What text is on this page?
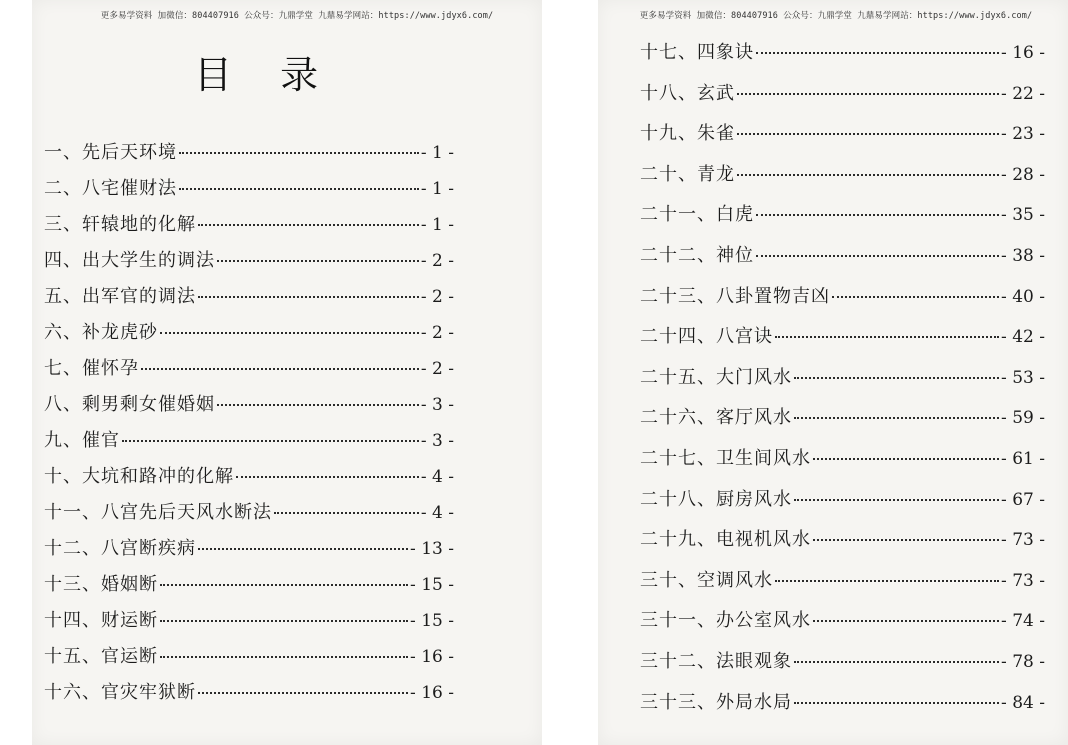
更多易学资料 加微信：804407916 公众号：九鼎学堂 九鼎易学网站：https://www.jdyx6.com/
目 录
一、先后天环境	- 1 -
二、八宅催财法	- 1 -
三、轩辕地的化解	- 1 -
四、出大学生的调法	- 2 -
五、出军官的调法	- 2 -
六、补龙虎砂	- 2 -
七、催怀孕	- 2 -
八、剩男剩女催婚姻	- 3 -
九、催官	- 3 -
十、大坑和路冲的化解	- 4 -
十一、八宫先后天风水断法	- 4 -
十二、八宫断疾病	- 13 -
十三、婚姻断	- 15 -
十四、财运断	- 15 -
十五、官运断	- 16 -
十六、官灾牢狱断	- 16 -
更多易学资料 加微信：804407916 公众号：九鼎学堂 九鼎易学网站：https://www.jdyx6.com/
十七、四象诀	- 16 -
十八、玄武	- 22 -
十九、朱雀	- 23 -
二十、青龙	- 28 -
二十一、白虎	- 35 -
二十二、神位	- 38 -
二十三、八卦置物吉凶	- 40 -
二十四、八宫诀	- 42 -
二十五、大门风水	- 53 -
二十六、客厅风水	- 59 -
二十七、卫生间风水	- 61 -
二十八、厨房风水	- 67 -
二十九、电视机风水	- 73 -
三十、空调风水	- 73 -
三十一、办公室风水	- 74 -
三十二、法眼观象	- 78 -
三十三、外局水局	- 84 -
